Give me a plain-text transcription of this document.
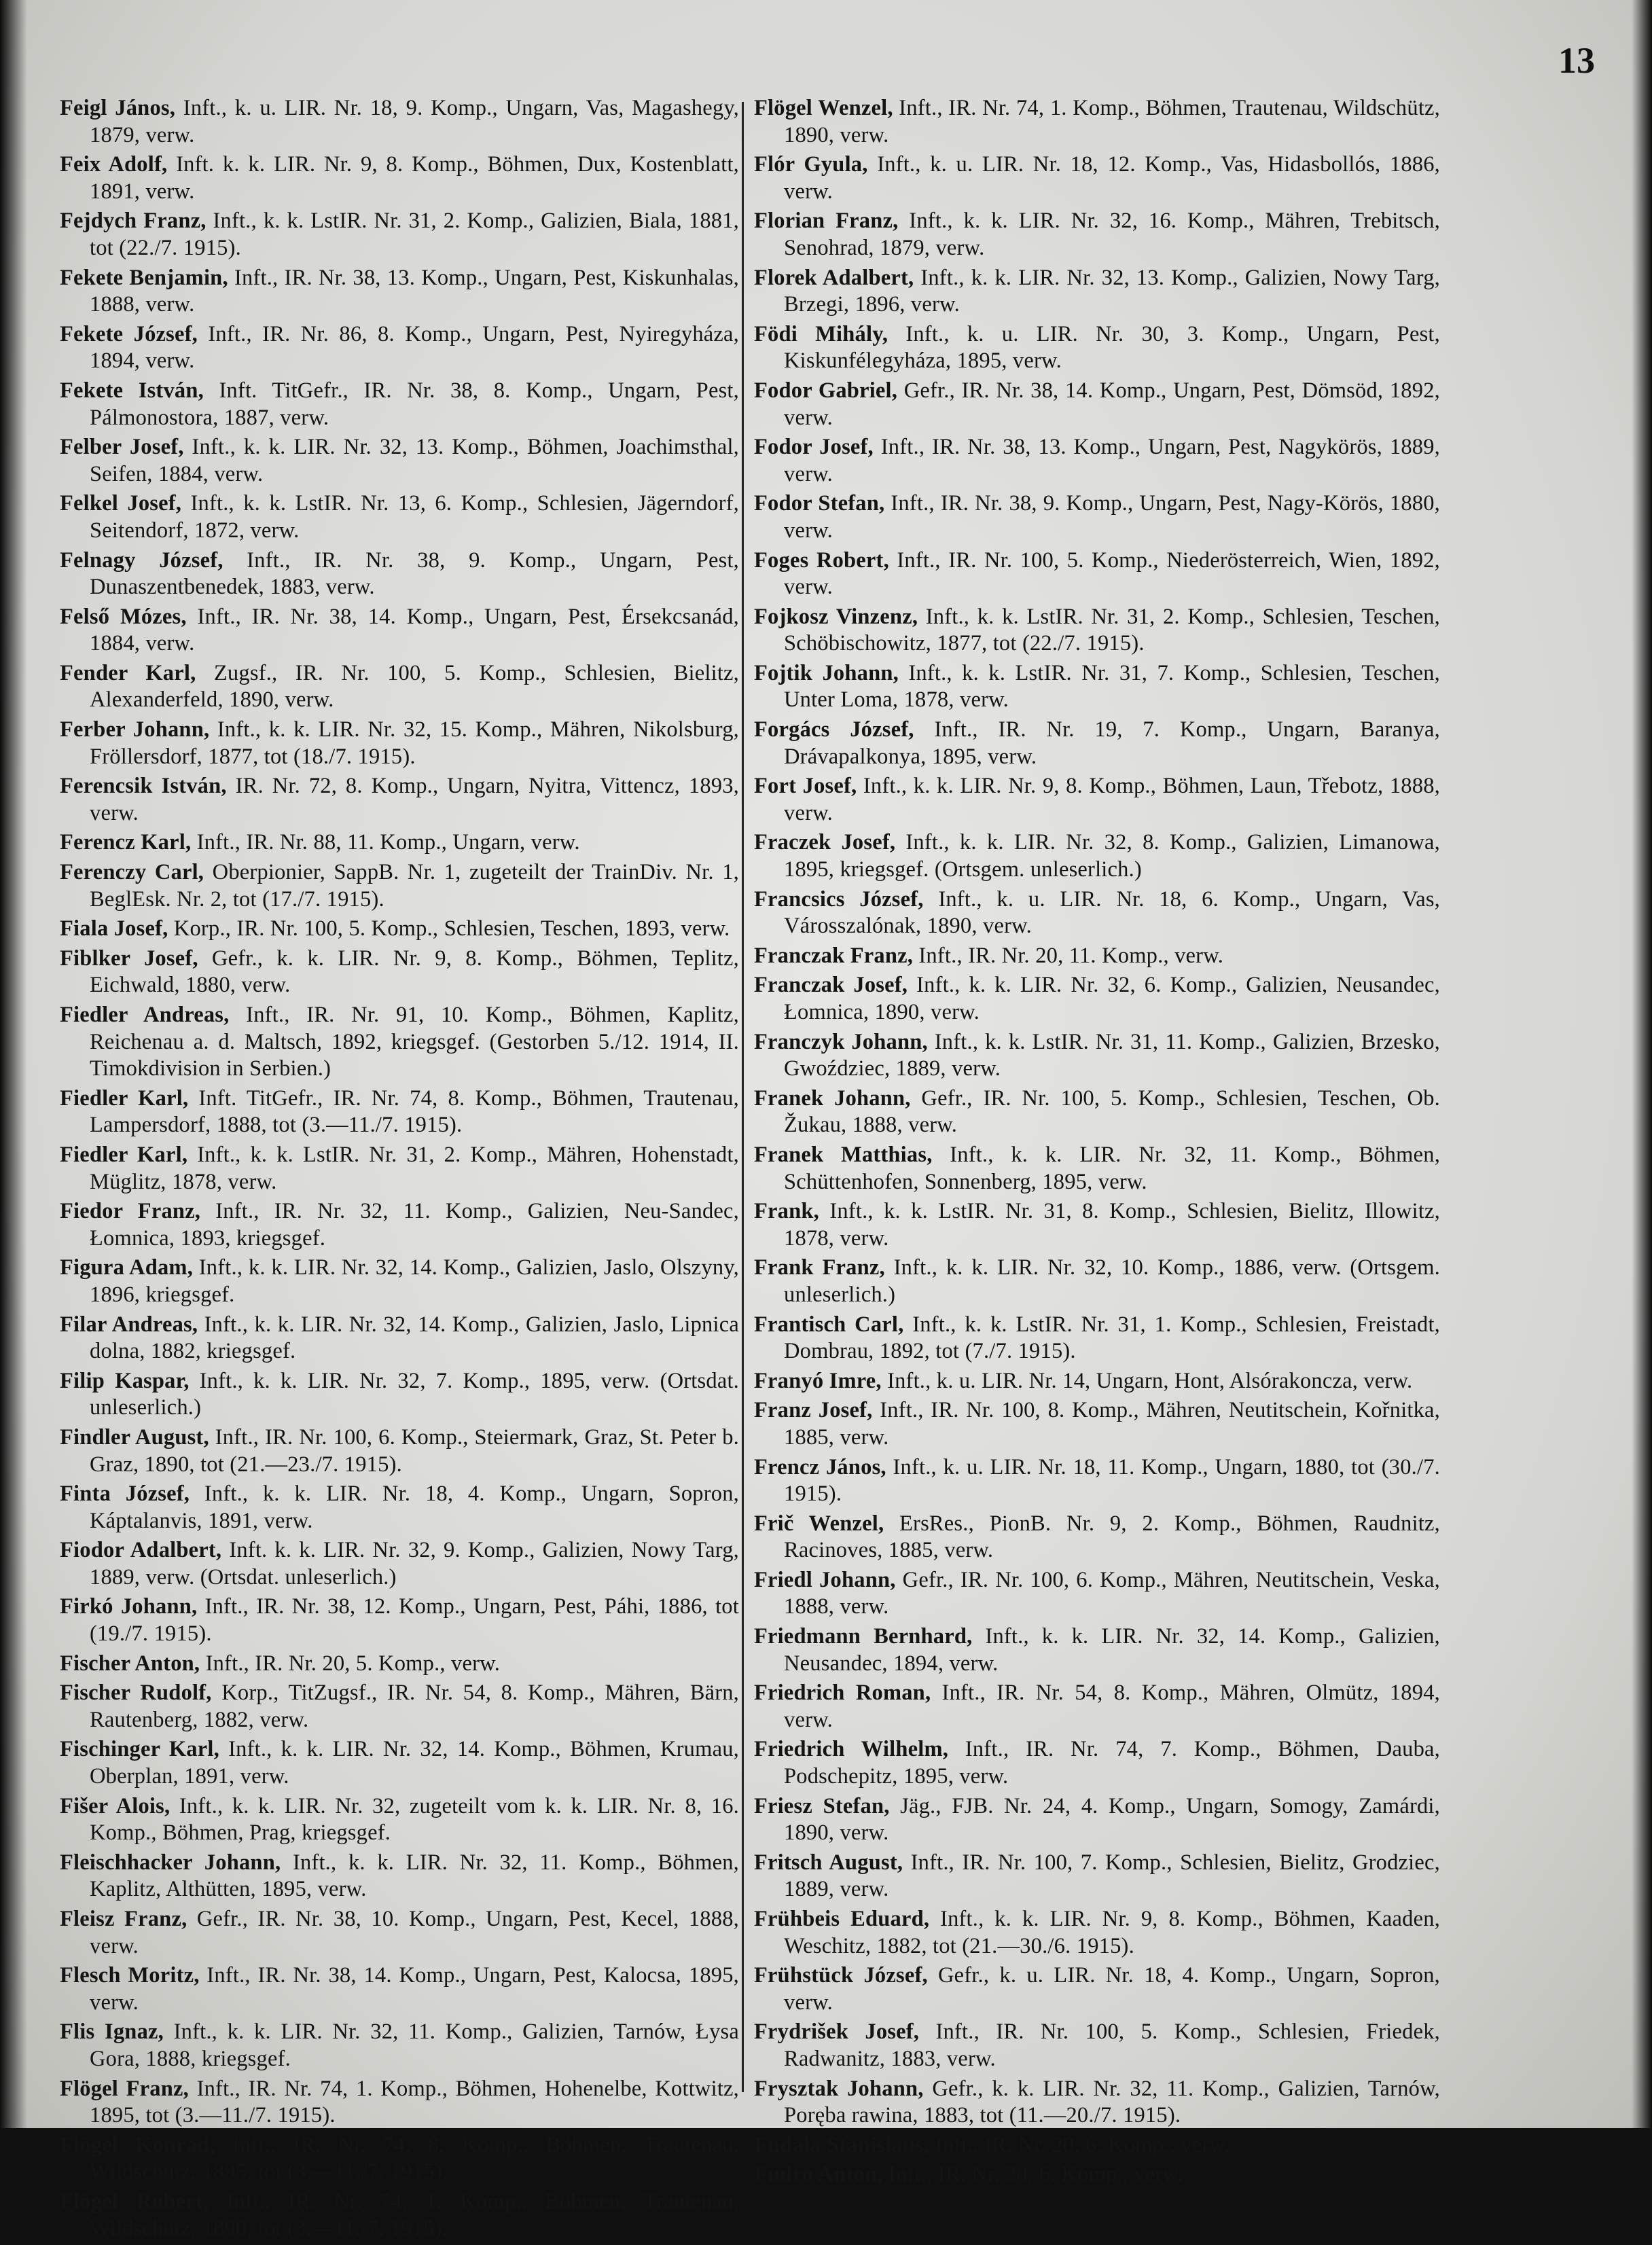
13

Feigl János, Inft., k. u. LIR. Nr. 18, 9. Komp., Ungarn, Vas, Magashegy, 1879, verw.

Feix Adolf, Inft. k. k. LIR. Nr. 9, 8. Komp., Böhmen, Dux, Kostenblatt, 1891, verw.

Fejdych Franz, Inft., k. k. LstIR. Nr. 31, 2. Komp., Galizien, Biala, 1881, tot (22./7. 1915).

Fekete Benjamin, Inft., IR. Nr. 38, 13. Komp., Ungarn, Pest, Kiskunhalas, 1888, verw.

Fekete József, Inft., IR. Nr. 86, 8. Komp., Ungarn, Pest, Nyiregyháza, 1894, verw.

Fekete István, Inft. TitGefr., IR. Nr. 38, 8. Komp., Ungarn, Pest, Pálmonostora, 1887, verw.

Felber Josef, Inft., k. k. LIR. Nr. 32, 13. Komp., Böhmen, Joachimsthal, Seifen, 1884, verw.

Felkel Josef, Inft., k. k. LstIR. Nr. 13, 6. Komp., Schlesien, Jägerndorf, Seitendorf, 1872, verw.

Felnagy József, Inft., IR. Nr. 38, 9. Komp., Ungarn, Pest, Dunaszentbenedek, 1883, verw.

Felső Mózes, Inft., IR. Nr. 38, 14. Komp., Ungarn, Pest, Érsekcsanád, 1884, verw.

Fender Karl, Zugsf., IR. Nr. 100, 5. Komp., Schlesien, Bielitz, Alexanderfeld, 1890, verw.

Ferber Johann, Inft., k. k. LIR. Nr. 32, 15. Komp., Mähren, Nikolsburg, Fröllersdorf, 1877, tot (18./7. 1915).

Ferencsik István, IR. Nr. 72, 8. Komp., Ungarn, Nyitra, Vittencz, 1893, verw.

Ferencz Karl, Inft., IR. Nr. 88, 11. Komp., Ungarn, verw.

Ferenczy Carl, Oberpionier, SappB. Nr. 1, zugeteilt der TrainDiv. Nr. 1, BeglEsk. Nr. 2, tot (17./7. 1915).

Fiala Josef, Korp., IR. Nr. 100, 5. Komp., Schlesien, Teschen, 1893, verw.

Fiblker Josef, Gefr., k. k. LIR. Nr. 9, 8. Komp., Böhmen, Teplitz, Eichwald, 1880, verw.

Fiedler Andreas, Inft., IR. Nr. 91, 10. Komp., Böhmen, Kaplitz, Reichenau a. d. Maltsch, 1892, kriegsgef. (Gestorben 5./12. 1914, II. Timokdivision in Serbien.)

Fiedler Karl, Inft. TitGefr., IR. Nr. 74, 8. Komp., Böhmen, Trautenau, Lampersdorf, 1888, tot (3.—11./7. 1915).

Fiedler Karl, Inft., k. k. LstIR. Nr. 31, 2. Komp., Mähren, Hohenstadt, Müglitz, 1878, verw.

Fiedor Franz, Inft., IR. Nr. 32, 11. Komp., Galizien, Neu-Sandec, Łomnica, 1893, kriegsgef.

Figura Adam, Inft., k. k. LIR. Nr. 32, 14. Komp., Galizien, Jaslo, Olszyny, 1896, kriegsgef.

Filar Andreas, Inft., k. k. LIR. Nr. 32, 14. Komp., Galizien, Jaslo, Lipnica dolna, 1882, kriegsgef.

Filip Kaspar, Inft., k. k. LIR. Nr. 32, 7. Komp., 1895, verw. (Ortsdat. unleserlich.)

Findler August, Inft., IR. Nr. 100, 6. Komp., Steiermark, Graz, St. Peter b. Graz, 1890, tot (21.—23./7. 1915).

Finta József, Inft., k. k. LIR. Nr. 18, 4. Komp., Ungarn, Sopron, Káptalanvis, 1891, verw.

Fiodor Adalbert, Inft. k. k. LIR. Nr. 32, 9. Komp., Galizien, Nowy Targ, 1889, verw. (Ortsdat. unleserlich.)

Firkó Johann, Inft., IR. Nr. 38, 12. Komp., Ungarn, Pest, Páhi, 1886, tot (19./7. 1915).

Fischer Anton, Inft., IR. Nr. 20, 5. Komp., verw.

Fischer Rudolf, Korp., TitZugsf., IR. Nr. 54, 8. Komp., Mähren, Bärn, Rautenberg, 1882, verw.

Fischinger Karl, Inft., k. k. LIR. Nr. 32, 14. Komp., Böhmen, Krumau, Oberplan, 1891, verw.

Fišer Alois, Inft., k. k. LIR. Nr. 32, zugeteilt vom k. k. LIR. Nr. 8, 16. Komp., Böhmen, Prag, kriegsgef.

Fleischhacker Johann, Inft., k. k. LIR. Nr. 32, 11. Komp., Böhmen, Kaplitz, Althütten, 1895, verw.

Fleisz Franz, Gefr., IR. Nr. 38, 10. Komp., Ungarn, Pest, Kecel, 1888, verw.

Flesch Moritz, Inft., IR. Nr. 38, 14. Komp., Ungarn, Pest, Kalocsa, 1895, verw.

Flis Ignaz, Inft., k. k. LIR. Nr. 32, 11. Komp., Galizien, Tarnów, Łysa Gora, 1888, kriegsgef.

Flögel Franz, Inft., IR. Nr. 74, 1. Komp., Böhmen, Hohenelbe, Kottwitz, 1895, tot (3.—11./7. 1915).

Flögel Konrad, Inft., IR. Nr. 74, 8. Komp., Böhmen, Trautenau, Wildschütz, 1895, tot (3.—11./7. 1915).

Flögel Robert, Inft., IR. Nr. 74, 1. Komp., Böhmen, Trautenau, Wildschütz, 1890, tot (3.—11./7. 1915).

Flögel Wenzel, Inft., IR. Nr. 74, 1. Komp., Böhmen, Trautenau, Wildschütz, 1890, verw.

Flór Gyula, Inft., k. u. LIR. Nr. 18, 12. Komp., Vas, Hidasbollós, 1886, verw.

Florian Franz, Inft., k. k. LIR. Nr. 32, 16. Komp., Mähren, Trebitsch, Senohrad, 1879, verw.

Florek Adalbert, Inft., k. k. LIR. Nr. 32, 13. Komp., Galizien, Nowy Targ, Brzegi, 1896, verw.

Födi Mihály, Inft., k. u. LIR. Nr. 30, 3. Komp., Ungarn, Pest, Kiskunfélegyháza, 1895, verw.

Fodor Gabriel, Gefr., IR. Nr. 38, 14. Komp., Ungarn, Pest, Dömsöd, 1892, verw.

Fodor Josef, Inft., IR. Nr. 38, 13. Komp., Ungarn, Pest, Nagykörös, 1889, verw.

Fodor Stefan, Inft., IR. Nr. 38, 9. Komp., Ungarn, Pest, Nagy-Körös, 1880, verw.

Foges Robert, Inft., IR. Nr. 100, 5. Komp., Niederösterreich, Wien, 1892, verw.

Fojkosz Vinzenz, Inft., k. k. LstIR. Nr. 31, 2. Komp., Schlesien, Teschen, Schöbischowitz, 1877, tot (22./7. 1915).

Fojtik Johann, Inft., k. k. LstIR. Nr. 31, 7. Komp., Schlesien, Teschen, Unter Loma, 1878, verw.

Forgács József, Inft., IR. Nr. 19, 7. Komp., Ungarn, Baranya, Drávapalkonya, 1895, verw.

Fort Josef, Inft., k. k. LIR. Nr. 9, 8. Komp., Böhmen, Laun, Třebotz, 1888, verw.

Fraczek Josef, Inft., k. k. LIR. Nr. 32, 8. Komp., Galizien, Limanowa, 1895, kriegsgef. (Ortsgem. unleserlich.)

Francsics József, Inft., k. u. LIR. Nr. 18, 6. Komp., Ungarn, Vas, Városszalónak, 1890, verw.

Franczak Franz, Inft., IR. Nr. 20, 11. Komp., verw.

Franczak Josef, Inft., k. k. LIR. Nr. 32, 6. Komp., Galizien, Neusandec, Łomnica, 1890, verw.

Franczyk Johann, Inft., k. k. LstIR. Nr. 31, 11. Komp., Galizien, Brzesko, Gwoździec, 1889, verw.

Franek Johann, Gefr., IR. Nr. 100, 5. Komp., Schlesien, Teschen, Ob. Žukau, 1888, verw.

Franek Matthias, Inft., k. k. LIR. Nr. 32, 11. Komp., Böhmen, Schüttenhofen, Sonnenberg, 1895, verw.

Frank, Inft., k. k. LstIR. Nr. 31, 8. Komp., Schlesien, Bielitz, Illowitz, 1878, verw.

Frank Franz, Inft., k. k. LIR. Nr. 32, 10. Komp., 1886, verw. (Ortsgem. unleserlich.)

Frantisch Carl, Inft., k. k. LstIR. Nr. 31, 1. Komp., Schlesien, Freistadt, Dombrau, 1892, tot (7./7. 1915).

Franyó Imre, Inft., k. u. LIR. Nr. 14, Ungarn, Hont, Alsórakoncza, verw.

Franz Josef, Inft., IR. Nr. 100, 8. Komp., Mähren, Neutitschein, Kořnitka, 1885, verw.

Frencz János, Inft., k. u. LIR. Nr. 18, 11. Komp., Ungarn, 1880, tot (30./7. 1915).

Frič Wenzel, ErsRes., PionB. Nr. 9, 2. Komp., Böhmen, Raudnitz, Racinoves, 1885, verw.

Friedl Johann, Gefr., IR. Nr. 100, 6. Komp., Mähren, Neutitschein, Veska, 1888, verw.

Friedmann Bernhard, Inft., k. k. LIR. Nr. 32, 14. Komp., Galizien, Neusandec, 1894, verw.

Friedrich Roman, Inft., IR. Nr. 54, 8. Komp., Mähren, Olmütz, 1894, verw.

Friedrich Wilhelm, Inft., IR. Nr. 74, 7. Komp., Böhmen, Dauba, Podschepitz, 1895, verw.

Friesz Stefan, Jäg., FJB. Nr. 24, 4. Komp., Ungarn, Somogy, Zamárdi, 1890, verw.

Fritsch August, Inft., IR. Nr. 100, 7. Komp., Schlesien, Bielitz, Grodziec, 1889, verw.

Frühbeis Eduard, Inft., k. k. LIR. Nr. 9, 8. Komp., Böhmen, Kaaden, Weschitz, 1882, tot (21.—30./6. 1915).

Frühstück József, Gefr., k. u. LIR. Nr. 18, 4. Komp., Ungarn, Sopron, verw.

Frydrišek Josef, Inft., IR. Nr. 100, 5. Komp., Schlesien, Friedek, Radwanitz, 1883, verw.

Frysztak Johann, Gefr., k. k. LIR. Nr. 32, 11. Komp., Galizien, Tarnów, Poręba rawina, 1883, tot (11.—20./7. 1915).

Fudala Stanislaus, Inft., IR. Nr. 20, 6. Komp., verw.

Fudro Anton, Inft., IR. Nr. 20, 6. Komp., verw.
